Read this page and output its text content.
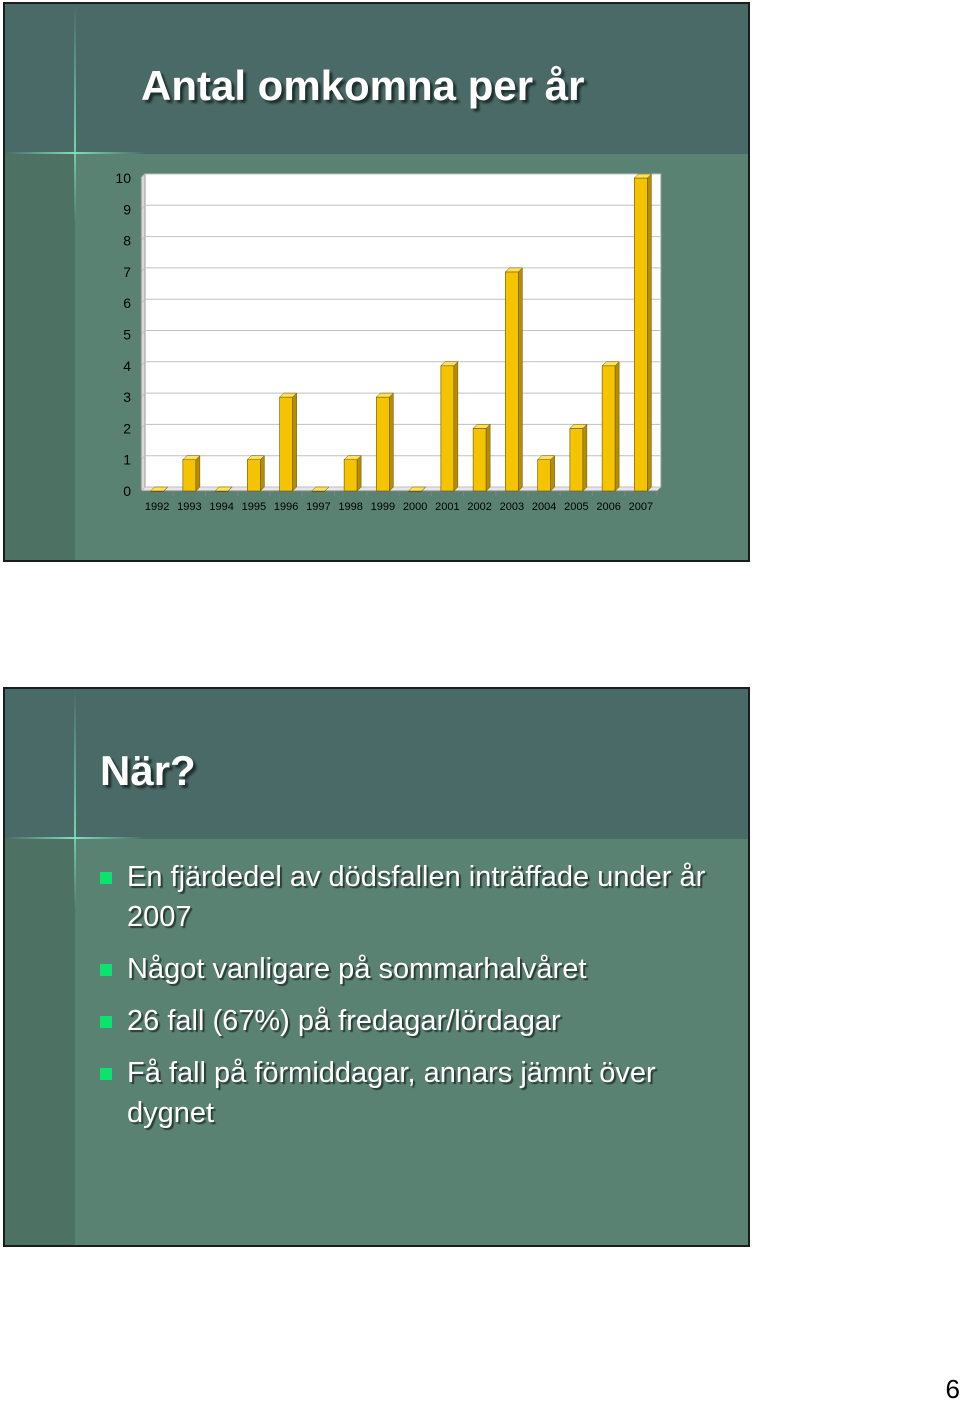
Antal omkomna per år
0
1
2
3
4
5
6
7
8
9
10
1992 1993 1994 1995 1996 1997 1998 1999 2000 2001 2002 2003 2004 2005 2006 2007
När?
En fjärdedel av dödsfallen inträffade under år 2007
Något vanligare på sommarhalvåret
26 fall (67%) på fredagar/lördagar
Få fall på förmiddagar, annars jämnt över dygnet
6
